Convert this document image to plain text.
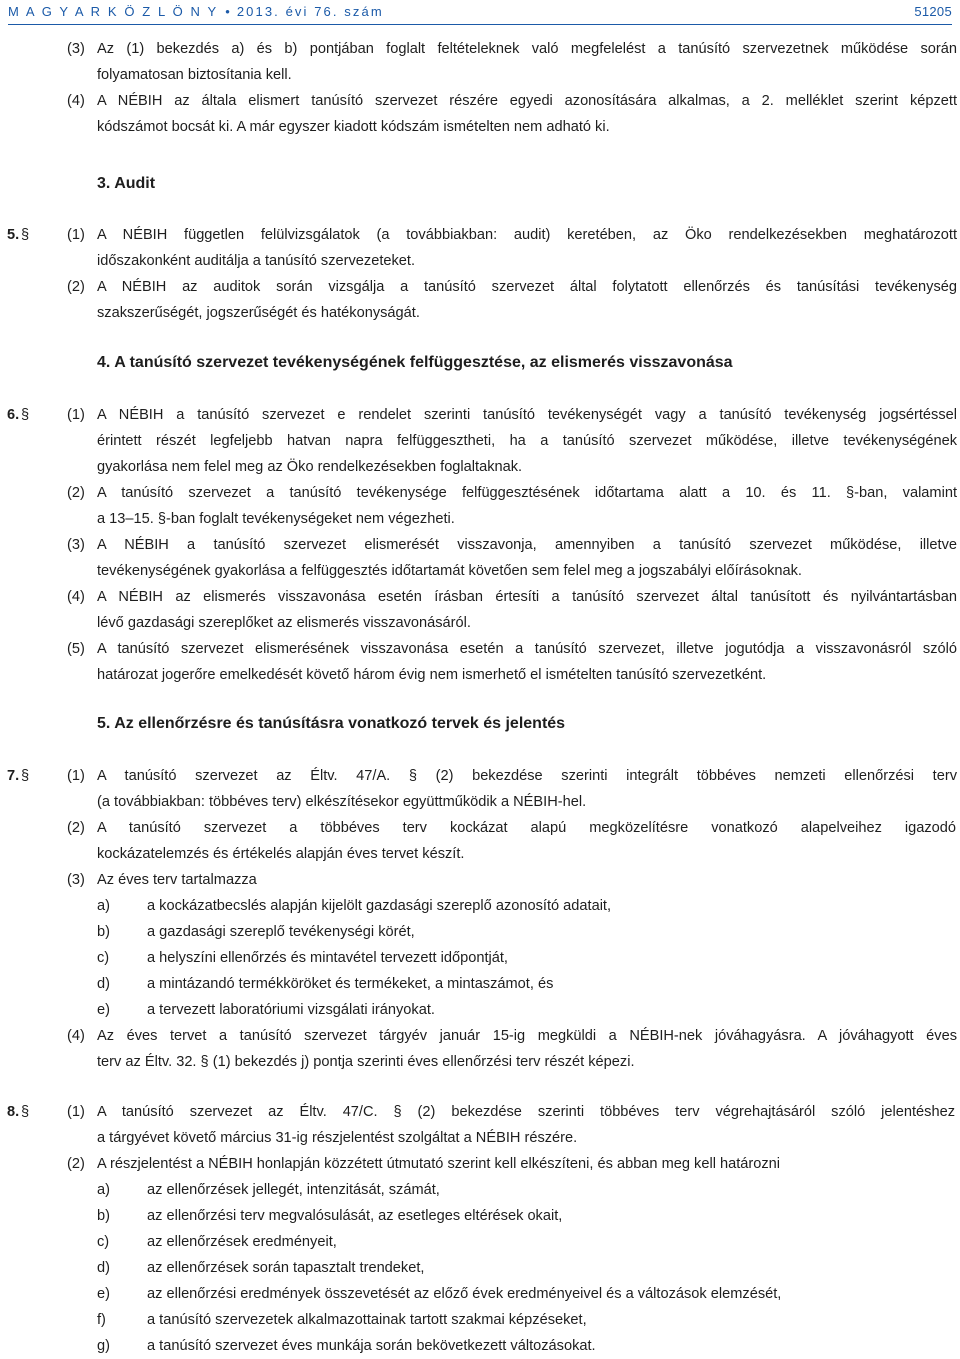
M A G Y A R K Ö Z L Ö N Y • 2013. évi 76. szám	51205
(3) Az (1) bekezdés a) és b) pontjában foglalt feltételeknek való megfelelést a tanúsító szervezetnek működése során
folyamatosan biztosítania kell.
(4) A NÉBIH az általa elismert tanúsító szervezet részére egyedi azonosítására alkalmas, a 2. melléklet szerint képzett
kódszámot bocsát ki. A már egyszer kiadott kódszám ismételten nem adható ki.
3. Audit
5. §	(1) A NÉBIH független felülvizsgálatok (a továbbiakban: audit) keretében, az Öko rendelkezésekben meghatározott
időszakonként auditálja a tanúsító szervezeteket.
(2) A NÉBIH az auditok során vizsgálja a tanúsító szervezet által folytatott ellenőrzés és tanúsítási tevékenység
szakszerűségét, jogszerűségét és hatékonyságát.
4. A tanúsító szervezet tevékenységének felfüggesztése, az elismerés visszavonása
6. §	(1) A NÉBIH a tanúsító szervezet e rendelet szerinti tanúsító tevékenységét vagy a tanúsító tevékenység jogsértéssel
érintett részét legfeljebb hatvan napra felfüggesztheti, ha a tanúsító szervezet működése, illetve tevékenységének
gyakorlása nem felel meg az Öko rendelkezésekben foglaltaknak.
(2) A tanúsító szervezet a tanúsító tevékenysége felfüggesztésének időtartama alatt a 10. és 11. §-ban, valamint
a 13–15. §-ban foglalt tevékenységeket nem végezheti.
(3) A NÉBIH a tanúsító szervezet elismerését visszavonja, amennyiben a tanúsító szervezet működése, illetve
tevékenységének gyakorlása a felfüggesztés időtartamát követően sem felel meg a jogszabályi előírásoknak.
(4) A NÉBIH az elismerés visszavonása esetén írásban értesíti a tanúsító szervezet által tanúsított és nyilvántartásban
lévő gazdasági szereplőket az elismerés visszavonásáról.
(5) A tanúsító szervezet elismerésének visszavonása esetén a tanúsító szervezet, illetve jogutódja a visszavonásról szóló
határozat jogerőre emelkedését követő három évig nem ismerhető el ismételten tanúsító szervezetként.
5. Az ellenőrzésre és tanúsításra vonatkozó tervek és jelentés
7. §	(1) A tanúsító szervezet az Éltv. 47/A. § (2) bekezdése szerinti integrált többéves nemzeti ellenőrzési terv
(a továbbiakban: többéves terv) elkészítésekor együttműködik a NÉBIH-hel.
(2) A tanúsító szervezet a többéves terv kockázat alapú megközelítésre vonatkozó alapelveihez igazodó
kockázatelemzés és értékelés alapján éves tervet készít.
(3) Az éves terv tartalmazza
a)	a kockázatbecslés alapján kijelölt gazdasági szereplő azonosító adatait,
b)	a gazdasági szereplő tevékenységi körét,
c)	a helyszíni ellenőrzés és mintavétel tervezett időpontját,
d)	a mintázandó termékköröket és termékeket, a mintaszámot, és
e)	a tervezett laboratóriumi vizsgálati irányokat.
(4) Az éves tervet a tanúsító szervezet tárgyév január 15-ig megküldi a NÉBIH-nek jóváhagyásra. A jóváhagyott éves
terv az Éltv. 32. § (1) bekezdés j) pontja szerinti éves ellenőrzési terv részét képezi.
8. §	(1) A tanúsító szervezet az Éltv. 47/C. § (2) bekezdése szerinti többéves terv végrehajtásáról szóló jelentéshez
a tárgyévet követő március 31-ig részjelentést szolgáltat a NÉBIH részére.
(2) A részjelentést a NÉBIH honlapján közzétett útmutató szerint kell elkészíteni, és abban meg kell határozni
a)	az ellenőrzések jellegét, intenzitását, számát,
b)	az ellenőrzési terv megvalósulását, az esetleges eltérések okait,
c)	az ellenőrzések eredményeit,
d)	az ellenőrzések során tapasztalt trendeket,
e)	az ellenőrzési eredmények összevetését az előző évek eredményeivel és a változások elemzését,
f)	a tanúsító szervezetek alkalmazottainak tartott szakmai képzéseket,
g)	a tanúsító szervezet éves munkája során bekövetkezett változásokat.
